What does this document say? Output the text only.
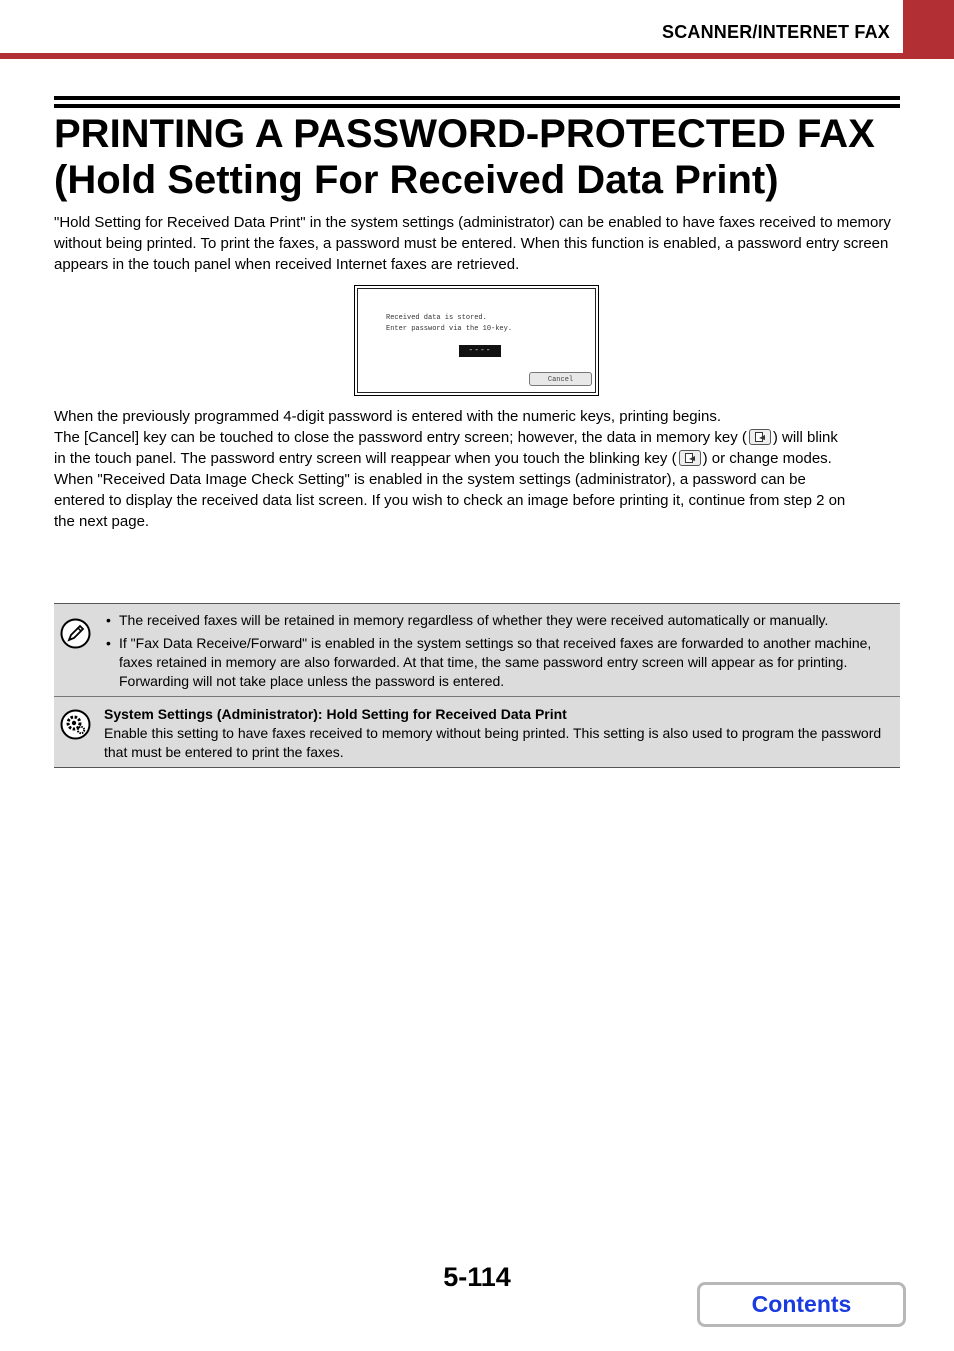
SCANNER/INTERNET FAX
PRINTING A PASSWORD-PROTECTED FAX
(Hold Setting For Received Data Print)

"Hold Setting for Received Data Print" in the system settings (administrator) can be enabled to have faxes received to memory without being printed. To print the faxes, a password must be entered. When this function is enabled, a password entry screen appears in the touch panel when received Internet faxes are retrieved.

Received data is stored.
Enter password via the 10-key.
----
Cancel
When the previously programmed 4-digit password is entered with the numeric keys, printing begins.
The [Cancel] key can be touched to close the password entry screen; however, the data in memory key ( ) will blink
in the touch panel. The password entry screen will reappear when you touch the blinking key ( ) or change modes.
When "Received Data Image Check Setting" is enabled in the system settings (administrator), a password can be
entered to display the received data list screen. If you wish to check an image before printing it, continue from step 2 on
the next page.
• The received faxes will be retained in memory regardless of whether they were received automatically or manually.
• If "Fax Data Receive/Forward" is enabled in the system settings so that received faxes are forwarded to another machine, faxes retained in memory are also forwarded. At that time, the same password entry screen will appear as for printing. Forwarding will not take place unless the password is entered.
System Settings (Administrator): Hold Setting for Received Data Print
Enable this setting to have faxes received to memory without being printed. This setting is also used to program the password that must be entered to print the faxes.
5-114
Contents
